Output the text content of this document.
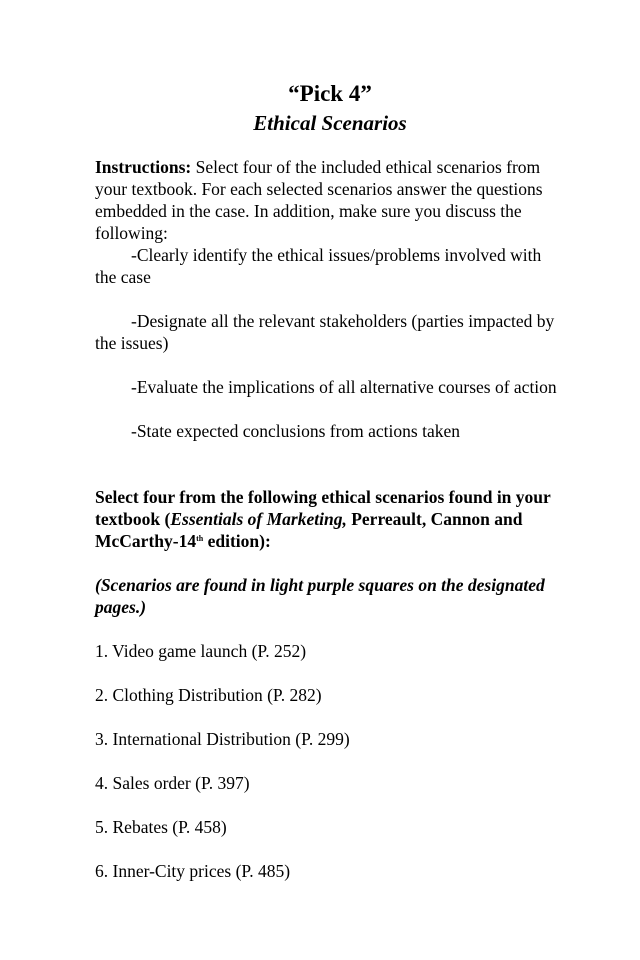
“Pick 4”
Ethical Scenarios

Instructions: Select four of the included ethical scenarios from your textbook. For each selected scenarios answer the questions embedded in the case. In addition, make sure you discuss the following:

-Clearly identify the ethical issues/problems involved with the case

-Designate all the relevant stakeholders (parties impacted by the issues)

-Evaluate the implications of all alternative courses of action

-State expected conclusions from actions taken

Select four from the following ethical scenarios found in your textbook (Essentials of Marketing, Perreault, Cannon and McCarthy-14th edition):

(Scenarios are found in light purple squares on the designated pages.)

1. Video game launch (P. 252)

2. Clothing Distribution (P. 282)

3. International Distribution (P. 299)

4. Sales order (P. 397)

5. Rebates (P. 458)

6. Inner-City prices (P. 485)
